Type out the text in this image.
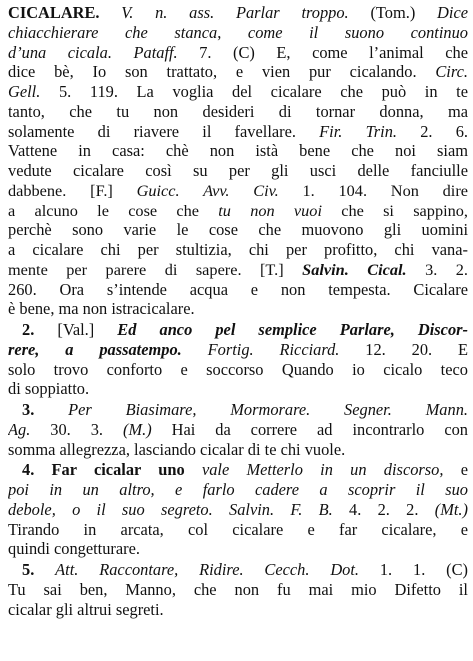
CICALARE. V. n. ass. Parlar troppo. (Tom.) Dice
chiacchierare che stanca, come il suono continuo
d’una cicala. Pataff. 7. (C) E, come l’animal che
dice bè, Io son trattato, e vien pur cicalando. Circ.
Gell. 5. 119. La voglia del cicalare che può in te
tanto, che tu non desideri di tornar donna, ma
solamente di riavere il favellare. Fir. Trin. 2. 6.
Vattene in casa: chè non istà bene che noi siam
vedute cicalare così su per gli usci delle fanciulle
dabbene. [F.] Guicc. Avv. Civ. 1. 104. Non dire
a alcuno le cose che tu non vuoi che si sappino,
perchè sono varie le cose che muovono gli uomini
a cicalare chi per stultizia, chi per profitto, chi vana-
mente per parere di sapere. [T.] Salvin. Cical. 3. 2.
260. Ora s’intende acqua e non tempesta. Cicalare
è bene, ma non istracicalare.
2. [Val.] Ed anco pel semplice Parlare, Discor-
rere, a passatempo. Fortig. Ricciard. 12. 20. E
solo trovo conforto e soccorso Quando io cicalo teco
di soppiatto.
3. Per Biasimare, Mormorare. Segner. Mann.
Ag. 30. 3. (M.) Hai da correre ad incontrarlo con
somma allegrezza, lasciando cicalar di te chi vuole.
4. Far cicalar uno vale Metterlo in un discorso, e
poi in un altro, e farlo cadere a scoprir il suo
debole, o il suo segreto. Salvin. F. B. 4. 2. 2. (Mt.)
Tirando in arcata, col cicalare e far cicalare, e
quindi congetturare.
5. Att. Raccontare, Ridire. Cecch. Dot. 1. 1. (C)
Tu sai ben, Manno, che non fu mai mio Difetto il
cicalar gli altrui segreti.
